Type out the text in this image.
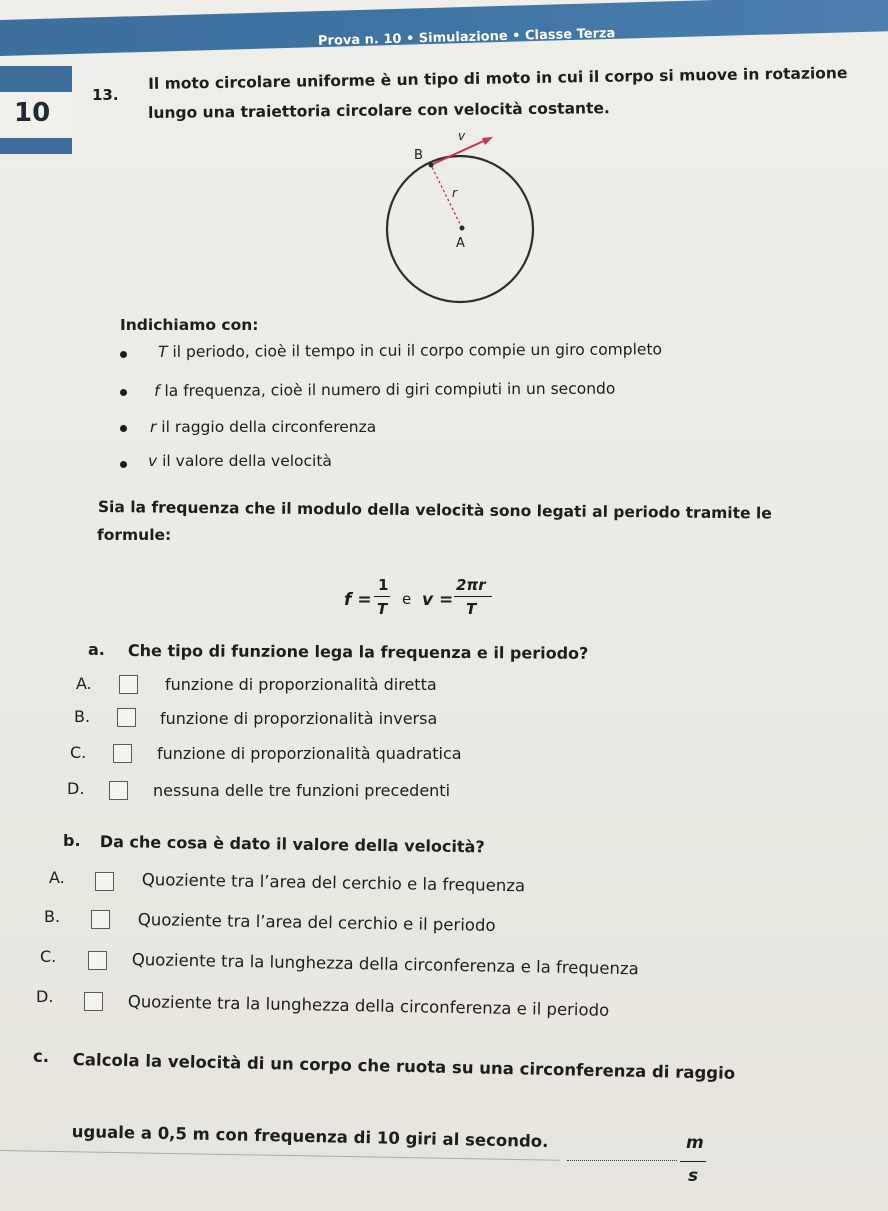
Prova n. 10 • Simulazione • Classe Terza
10
13.
Il moto circolare uniforme è un tipo di moto in cui il corpo si muove in rotazione
lungo una traiettoria circolare con velocità costante.
v
B
r
A
Indichiamo con:
T il periodo, cioè il tempo in cui il corpo compie un giro completo
f la frequenza, cioè il numero di giri compiuti in un secondo
r il raggio della circonferenza
v il valore della velocità
Sia la frequenza che il modulo della velocità sono legati al periodo tramite le
formule:
f =
1
T
e v =
2πr
T
a. Che tipo di funzione lega la frequenza e il periodo?
A.	funzione di proporzionalità diretta
B.	funzione di proporzionalità inversa
C.	funzione di proporzionalità quadratica
D.	nessuna delle tre funzioni precedenti
b. Da che cosa è dato il valore della velocità?
A.	Quoziente tra l’area del cerchio e la frequenza
B.	Quoziente tra l’area del cerchio e il periodo
C.	Quoziente tra la lunghezza della circonferenza e la frequenza
D.	Quoziente tra la lunghezza della circonferenza e il periodo
c. Calcola la velocità di un corpo che ruota su una circonferenza di raggio
uguale a 0,5 m con frequenza di 10 giri al secondo.	m
s
